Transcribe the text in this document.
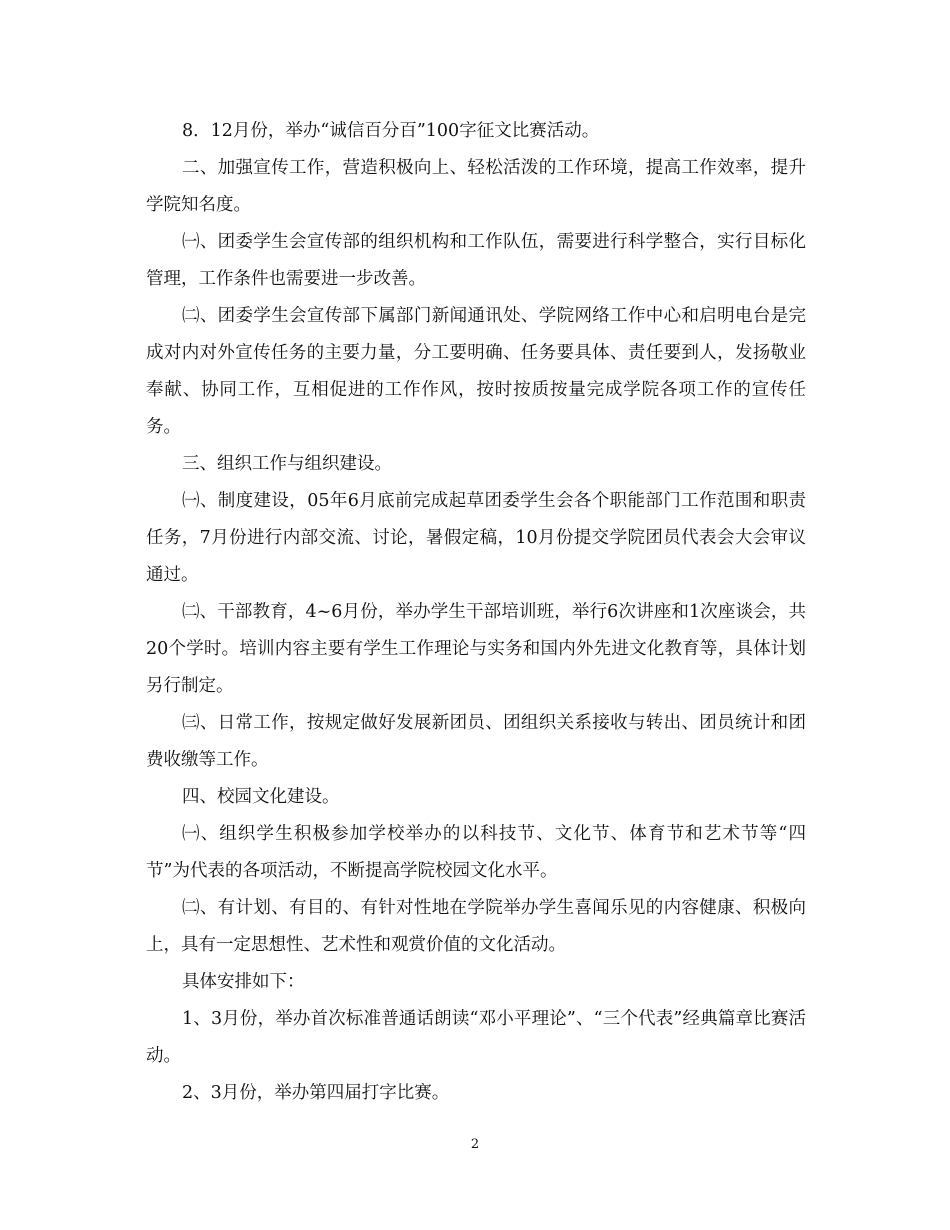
8．12月份，举办“诚信百分百”100字征文比赛活动。

二、加强宣传工作，营造积极向上、轻松活泼的工作环境，提高工作效率，提升学院知名度。

㈠、团委学生会宣传部的组织机构和工作队伍，需要进行科学整合，实行目标化管理，工作条件也需要进一步改善。

㈡、团委学生会宣传部下属部门新闻通讯处、学院网络工作中心和启明电台是完成对内对外宣传任务的主要力量，分工要明确、任务要具体、责任要到人，发扬敬业奉献、协同工作，互相促进的工作作风，按时按质按量完成学院各项工作的宣传任务。

三、组织工作与组织建设。

㈠、制度建设，05年6月底前完成起草团委学生会各个职能部门工作范围和职责任务，7月份进行内部交流、讨论，暑假定稿，10月份提交学院团员代表会大会审议通过。

㈡、干部教育，4~6月份，举办学生干部培训班，举行6次讲座和1次座谈会，共20个学时。培训内容主要有学生工作理论与实务和国内外先进文化教育等，具体计划另行制定。

㈢、日常工作，按规定做好发展新团员、团组织关系接收与转出、团员统计和团费收缴等工作。

四、校园文化建设。

㈠、组织学生积极参加学校举办的以科技节、文化节、体育节和艺术节等“四节”为代表的各项活动，不断提高学院校园文化水平。

㈡、有计划、有目的、有针对性地在学院举办学生喜闻乐见的内容健康、积极向上，具有一定思想性、艺术性和观赏价值的文化活动。

具体安排如下：

1、3月份，举办首次标准普通话朗读“邓小平理论”、“三个代表”经典篇章比赛活动。

2、3月份，举办第四届打字比赛。

2
